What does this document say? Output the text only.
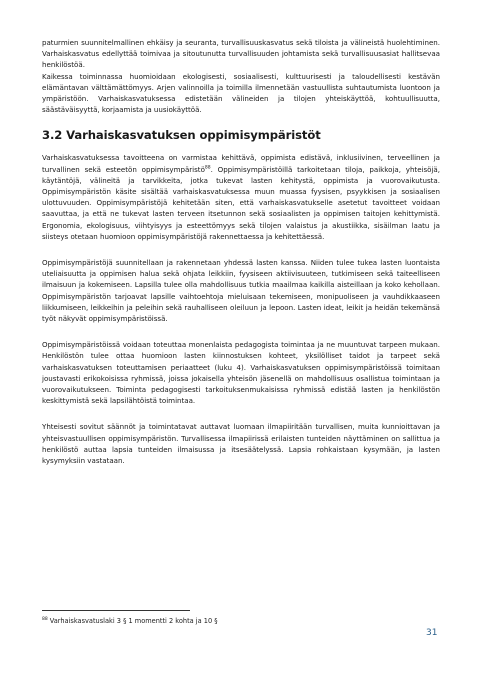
paturmien suunnitelmallinen ehkäisy ja seuranta, turvallisuuskasvatus sekä tiloista ja välineistä huolehtiminen. Varhaiskasvatus edellyttää toimivaa ja sitoutunutta turvallisuuden johtamista sekä turvallisuusasiat hallitsevaa henkilöstöä.

Kaikessa toiminnassa huomioidaan ekologisesti, sosiaalisesti, kulttuurisesti ja taloudellisesti kestävän elämäntavan välttämättömyys. Arjen valinnoilla ja toimilla ilmennetään vastuullista suhtautumista luontoon ja ympäristöön. Varhaiskasvatuksessa edistetään välineiden ja tilojen yhteiskäyttöä, kohtuullisuutta, säästäväisyyttä, korjaamista ja uusiokäyttöä.

3.2 Varhaiskasvatuksen oppimisympäristöt

Varhaiskasvatuksessa tavoitteena on varmistaa kehittävä, oppimista edistävä, inklusiivinen, terveellinen ja turvallinen sekä esteetön oppimisympäristö$^{88}$. Oppimisympäristöillä tarkoitetaan tiloja, paikkoja, yhteisöjä, käytäntöjä, välineitä ja tarvikkeita, jotka tukevat lasten kehitystä, oppimista ja vuorovaikutusta. Oppimisympäristön käsite sisältää varhaiskasvatuksessa muun muassa fyysisen, psyykkisen ja sosiaalisen ulottuvuuden. Oppimisympäristöjä kehitetään siten, että varhaiskasvatukselle asetetut tavoitteet voidaan saavuttaa, ja että ne tukevat lasten terveen itsetunnon sekä sosiaalisten ja oppimisen taitojen kehittymistä. Ergonomia, ekologisuus, viihtyisyys ja esteettömyys sekä tilojen valaistus ja akustiikka, sisäilman laatu ja siisteys otetaan huomioon oppimisympäristöjä rakennettaessa ja kehitettäessä.

Oppimisympäristöjä suunnitellaan ja rakennetaan yhdessä lasten kanssa. Niiden tulee tukea lasten luontaista uteliaisuutta ja oppimisen halua sekä ohjata leikkiin, fyysiseen aktiivisuuteen, tutkimiseen sekä taiteelliseen ilmaisuun ja kokemiseen. Lapsilla tulee olla mahdollisuus tutkia maailmaa kaikilla aisteillaan ja koko kehollaan. Oppimisympäristön tarjoavat lapsille vaihtoehtoja mieluisaan tekemiseen, monipuoliseen ja vauhdikkaaseen liikkumiseen, leikkeihin ja peleihin sekä rauhalliseen oleiluun ja lepoon. Lasten ideat, leikit ja heidän tekemänsä työt näkyvät oppimisympäristöissä.

Oppimisympäristöissä voidaan toteuttaa monenlaista pedagogista toimintaa ja ne muuntuvat tarpeen mukaan. Henkilöstön tulee ottaa huomioon lasten kiinnostuksen kohteet, yksilölliset taidot ja tarpeet sekä varhaiskasvatuksen toteuttamisen periaatteet (luku 4). Varhaiskasvatuksen oppimisympäristöissä toimitaan joustavasti erikokoisissa ryhmissä, joissa jokaisella yhteisön jäsenellä on mahdollisuus osallistua toimintaan ja vuorovaikutukseen. Toiminta pedagogisesti tarkoituksenmukaisissa ryhmissä edistää lasten ja henkilöstön keskittymistä sekä lapsilähtöistä toimintaa.

Yhteisesti sovitut säännöt ja toimintatavat auttavat luomaan ilmapiiritään turvallisen, muita kunnioittavan ja yhteisvastuullisen oppimisympäristön. Turvallisessa ilmapiirissä erilaisten tunteiden näyttäminen on sallittua ja henkilöstö auttaa lapsia tunteiden ilmaisussa ja itsesäätelyssä. Lapsia rohkaistaan kysymään, ja lasten kysymyksiin vastataan.

$^{88}$ Varhaiskasvatuslaki 3 § 1 momentti 2 kohta ja 10 §
31
